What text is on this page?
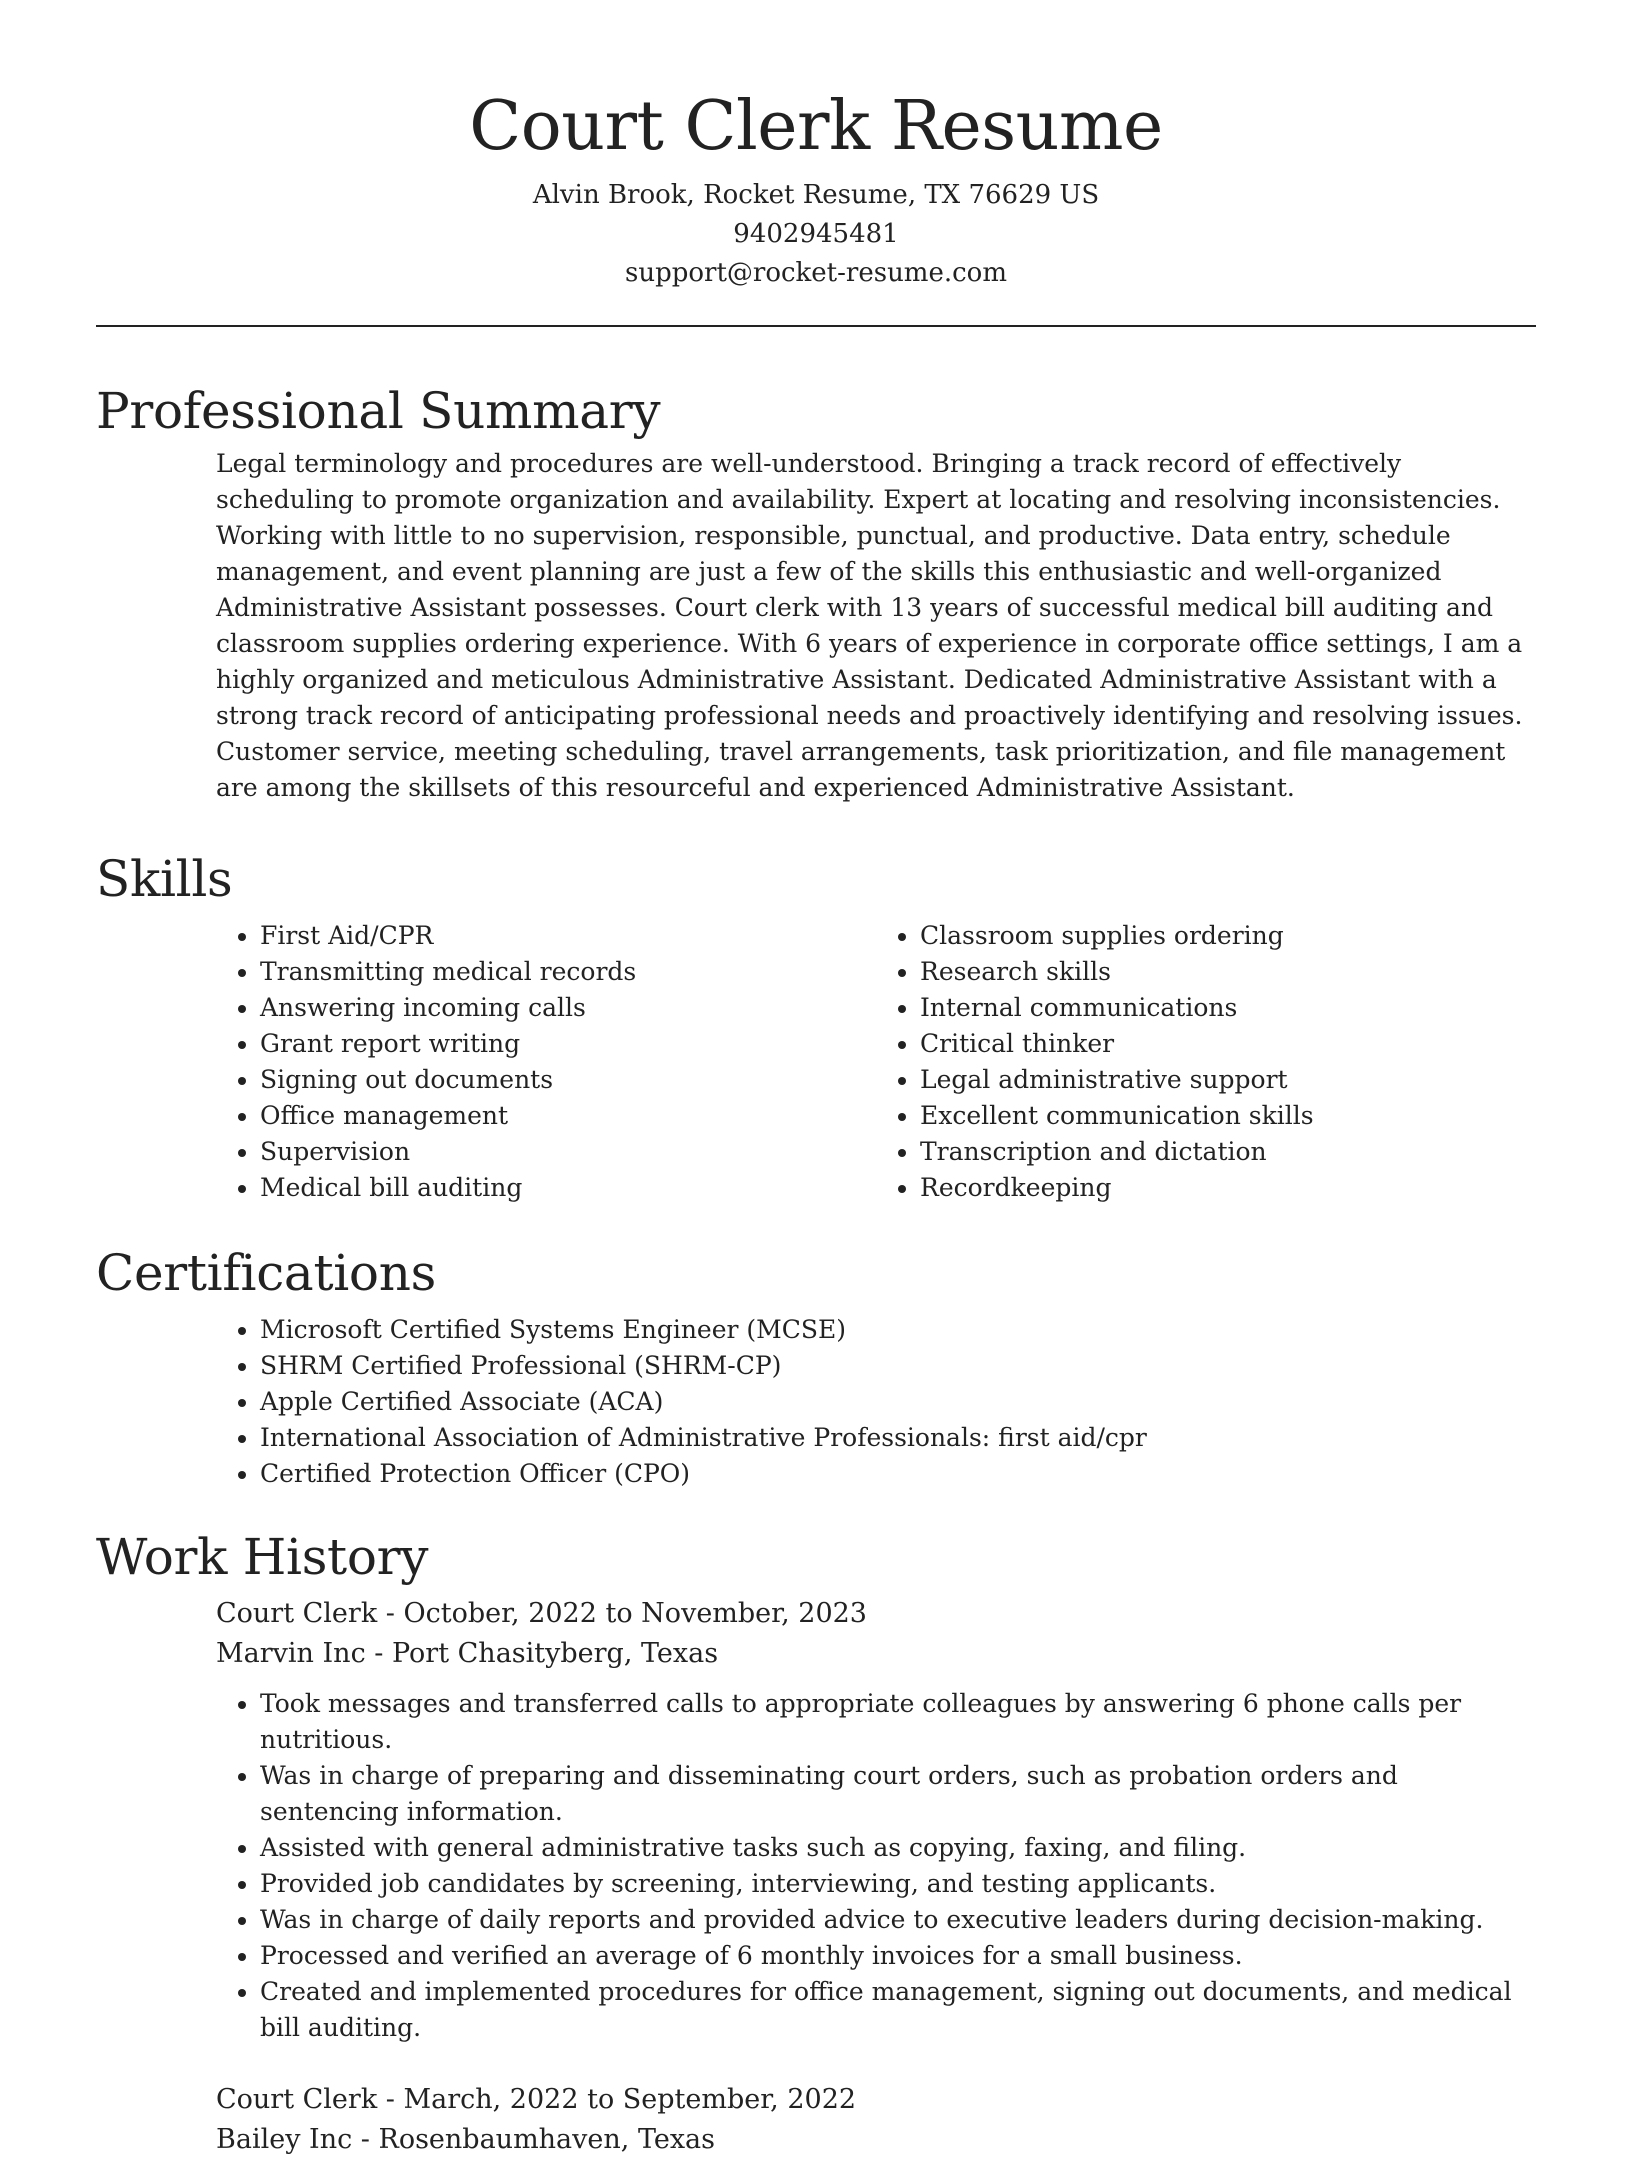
Court Clerk Resume
Alvin Brook, Rocket Resume, TX 76629 US
9402945481
support@rocket-resume.com
Professional Summary

Legal terminology and procedures are well-understood. Bringing a track record of effectively scheduling to promote organization and availability. Expert at locating and resolving inconsistencies. Working with little to no supervision, responsible, punctual, and productive. Data entry, schedule management, and event planning are just a few of the skills this enthusiastic and well-organized Administrative Assistant possesses. Court clerk with 13 years of successful medical bill auditing and classroom supplies ordering experience. With 6 years of experience in corporate office settings, I am a highly organized and meticulous Administrative Assistant. Dedicated Administrative Assistant with a strong track record of anticipating professional needs and proactively identifying and resolving issues. Customer service, meeting scheduling, travel arrangements, task prioritization, and file management are among the skillsets of this resourceful and experienced Administrative Assistant.

Skills
• First Aid/CPR
• Transmitting medical records
• Answering incoming calls
• Grant report writing
• Signing out documents
• Office management
• Supervision
• Medical bill auditing
• Classroom supplies ordering
• Research skills
• Internal communications
• Critical thinker
• Legal administrative support
• Excellent communication skills
• Transcription and dictation
• Recordkeeping
Certifications
• Microsoft Certified Systems Engineer (MCSE)
• SHRM Certified Professional (SHRM-CP)
• Apple Certified Associate (ACA)
• International Association of Administrative Professionals: first aid/cpr
• Certified Protection Officer (CPO)
Work History
Court Clerk - October, 2022 to November, 2023
Marvin Inc - Port Chasityberg, Texas
• Took messages and transferred calls to appropriate colleagues by answering 6 phone calls per nutritious.
• Was in charge of preparing and disseminating court orders, such as probation orders and sentencing information.
• Assisted with general administrative tasks such as copying, faxing, and filing.
• Provided job candidates by screening, interviewing, and testing applicants.
• Was in charge of daily reports and provided advice to executive leaders during decision-making.
• Processed and verified an average of 6 monthly invoices for a small business.
• Created and implemented procedures for office management, signing out documents, and medical bill auditing.
Court Clerk - March, 2022 to September, 2022
Bailey Inc - Rosenbaumhaven, Texas
